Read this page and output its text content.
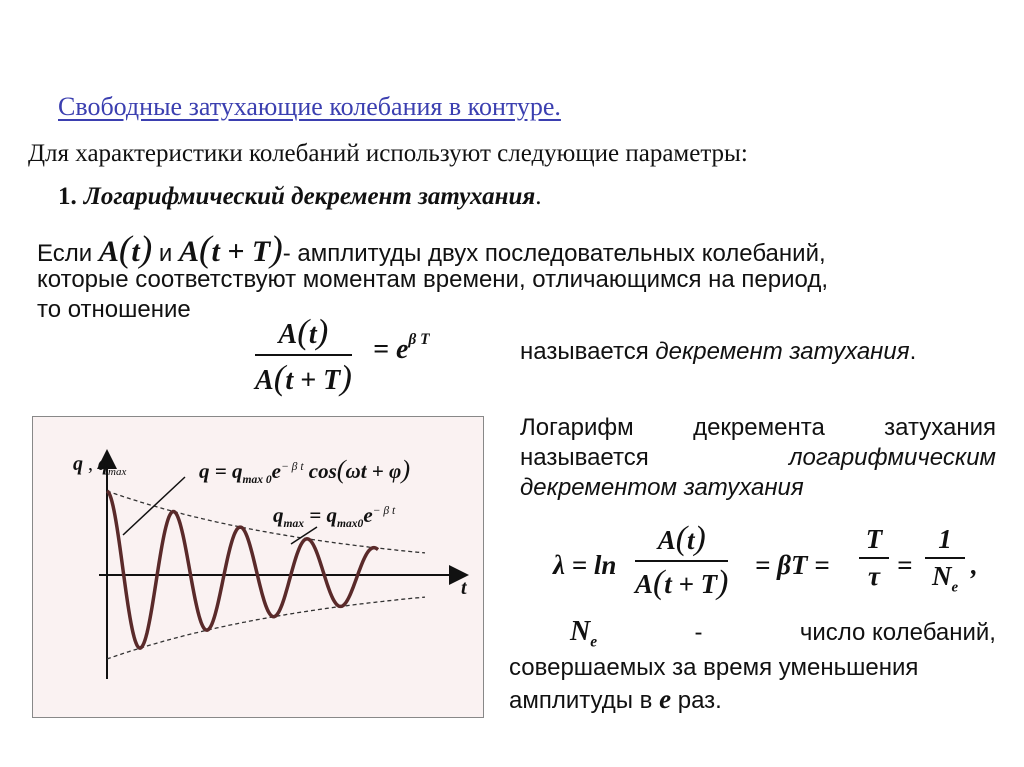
Свободные затухающие колебания в контуре.
Для характеристики колебаний используют следующие параметры:
1. Логарифмический декремент затухания.
Если A(t) и A(t + T)- амплитуды двух последовательных колебаний,
которые соответствуют моментам времени, отличающимся на период,
то отношение
A(t)
A(t + T)
= $e^{\beta T}$	называется декремент затухания.
q , $q_{max}$	$q = q_{max 0}e^{- \beta t}$ cos(ωt + φ)
$q_{max} = q_{max0}e^{- \beta t}$
t
Логарифм декремента затухания
называется	логарифмическим
декрементом затухания
λ = ln
A(t)
A(t + T) = βT =
T
τ =
1
$N_e$
,
$N_e$	-	число колебаний,
совершаемых за время уменьшения
амплитуды в e раз.
